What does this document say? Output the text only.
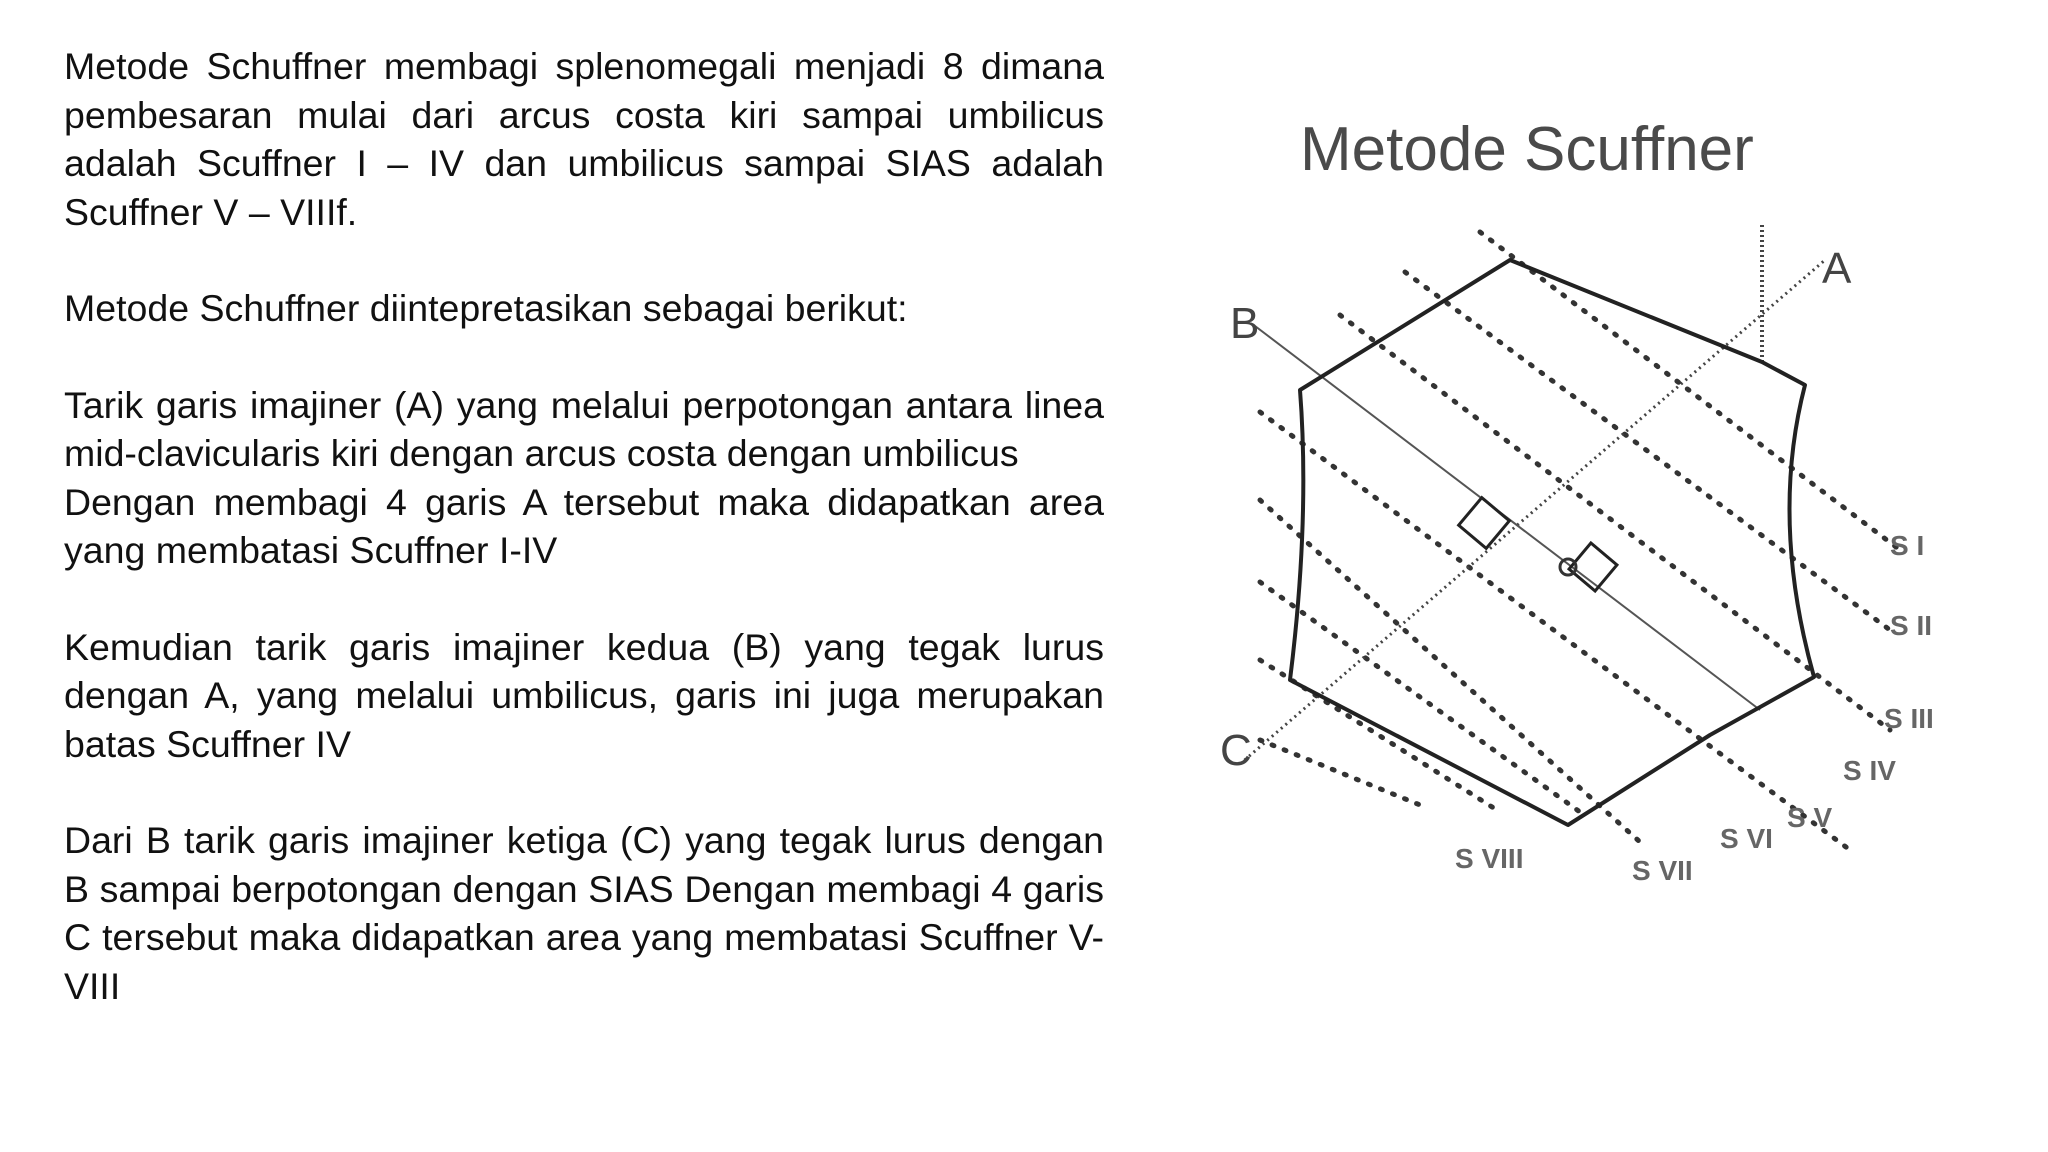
Metode Schuffner membagi splenomegali menjadi 8 dimana pembesaran mulai dari arcus costa kiri sampai umbilicus adalah Scuffner I – IV dan umbilicus sampai SIAS adalah Scuffner V – VIIIf.

Metode Schuffner diintepretasikan sebagai berikut:

Tarik garis imajiner (A) yang melalui perpotongan antara linea mid-clavicularis kiri dengan arcus costa dengan umbilicus
Dengan membagi 4 garis A tersebut maka didapatkan area yang membatasi Scuffner I-IV

Kemudian tarik garis imajiner kedua (B) yang tegak lurus dengan A, yang melalui umbilicus, garis ini juga merupakan batas Scuffner IV

Dari B tarik garis imajiner ketiga (C) yang tegak lurus dengan B sampai berpotongan dengan SIAS Dengan membagi 4 garis C tersebut maka didapatkan area yang membatasi Scuffner V-VIII

Metode Scuffner
A
B
C
S I
S II
S III
S IV
S V
S VI
S VII
S VIII
